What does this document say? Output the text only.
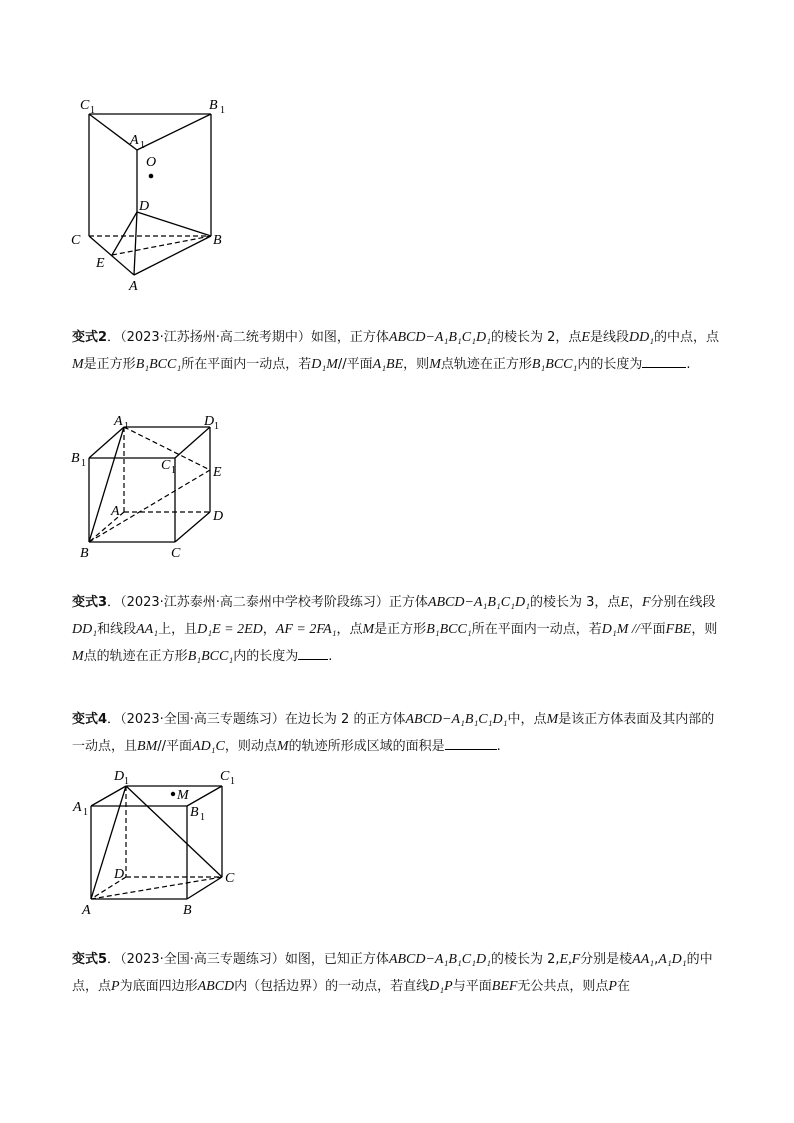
C 1	B 1
A 1
O
D
C	B
E
A
变式2．（2023·江苏扬州·高二统考期中）如图，正方体ABCD−A₁B₁C₁D₁的棱长为 2，点E是线段DD₁的中点，点M是正方形B₁BCC₁所在平面内一动点，若D₁M//平面A₁BE，则M点轨迹在正方形B₁BCC₁内的长度为	.
A 1	D 1
B 1	C 1	E
A	D
B	C
变式3．（2023·江苏泰州·高二泰州中学校考阶段练习）正方体ABCD−A₁B₁C₁D₁的棱长为 3，点E，F分别在线段DD₁和线段AA₁上，且D₁E = 2ED，AF = 2FA₁，点M是正方形B₁BCC₁所在平面内一动点，若D₁M //平面FBE，则M点的轨迹在正方形B₁BCC₁内的长度为 .
变式4．（2023·全国·高三专题练习）在边长为 2 的正方体ABCD−A₁B₁C₁D₁中，点M是该正方体表面及其内部的一动点，且BM//平面AD₁C，则动点M的轨迹所形成区域的面积是	.
D 1	C 1
M
A 1	B 1
D	C
A	B
变式5．（2023·全国·高三专题练习）如图，已知正方体ABCD−A₁B₁C₁D₁的棱长为 2,E,F分别是棱AA₁,A₁D₁的中点，点P为底面四边形ABCD内（包括边界）的一动点，若直线D₁P与平面BEF无公共点，则点P在
